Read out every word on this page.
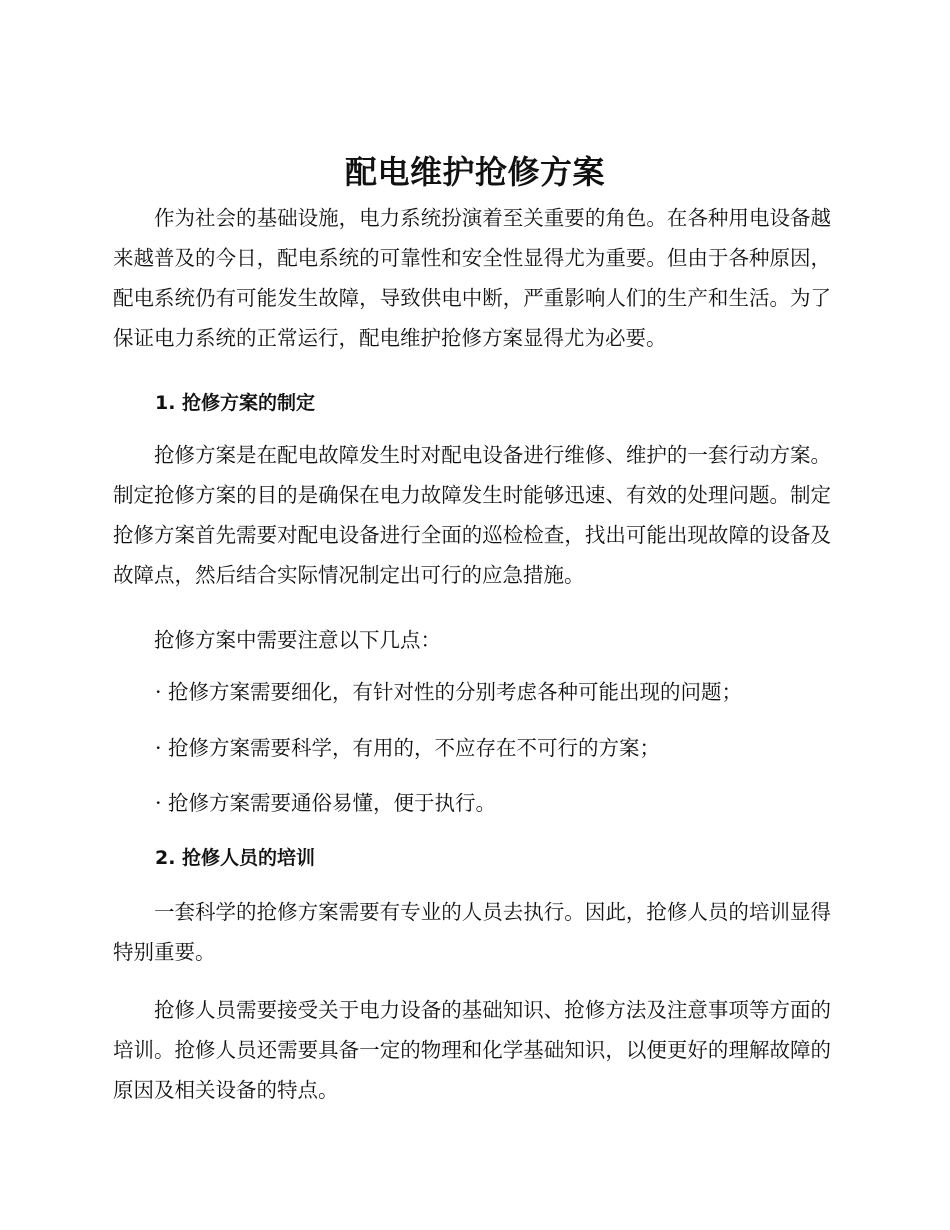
配电维护抢修方案

作为社会的基础设施，电力系统扮演着至关重要的角色。在各种用电设备越来越普及的今日，配电系统的可靠性和安全性显得尤为重要。但由于各种原因，配电系统仍有可能发生故障，导致供电中断，严重影响人们的生产和生活。为了保证电力系统的正常运行，配电维护抢修方案显得尤为必要。

1. 抢修方案的制定

抢修方案是在配电故障发生时对配电设备进行维修、维护的一套行动方案。制定抢修方案的目的是确保在电力故障发生时能够迅速、有效的处理问题。制定抢修方案首先需要对配电设备进行全面的巡检检查，找出可能出现故障的设备及故障点，然后结合实际情况制定出可行的应急措施。

抢修方案中需要注意以下几点：

· 抢修方案需要细化，有针对性的分别考虑各种可能出现的问题；

· 抢修方案需要科学，有用的，不应存在不可行的方案；

· 抢修方案需要通俗易懂，便于执行。

2. 抢修人员的培训

一套科学的抢修方案需要有专业的人员去执行。因此，抢修人员的培训显得特别重要。

抢修人员需要接受关于电力设备的基础知识、抢修方法及注意事项等方面的培训。抢修人员还需要具备一定的物理和化学基础知识，以便更好的理解故障的原因及相关设备的特点。
